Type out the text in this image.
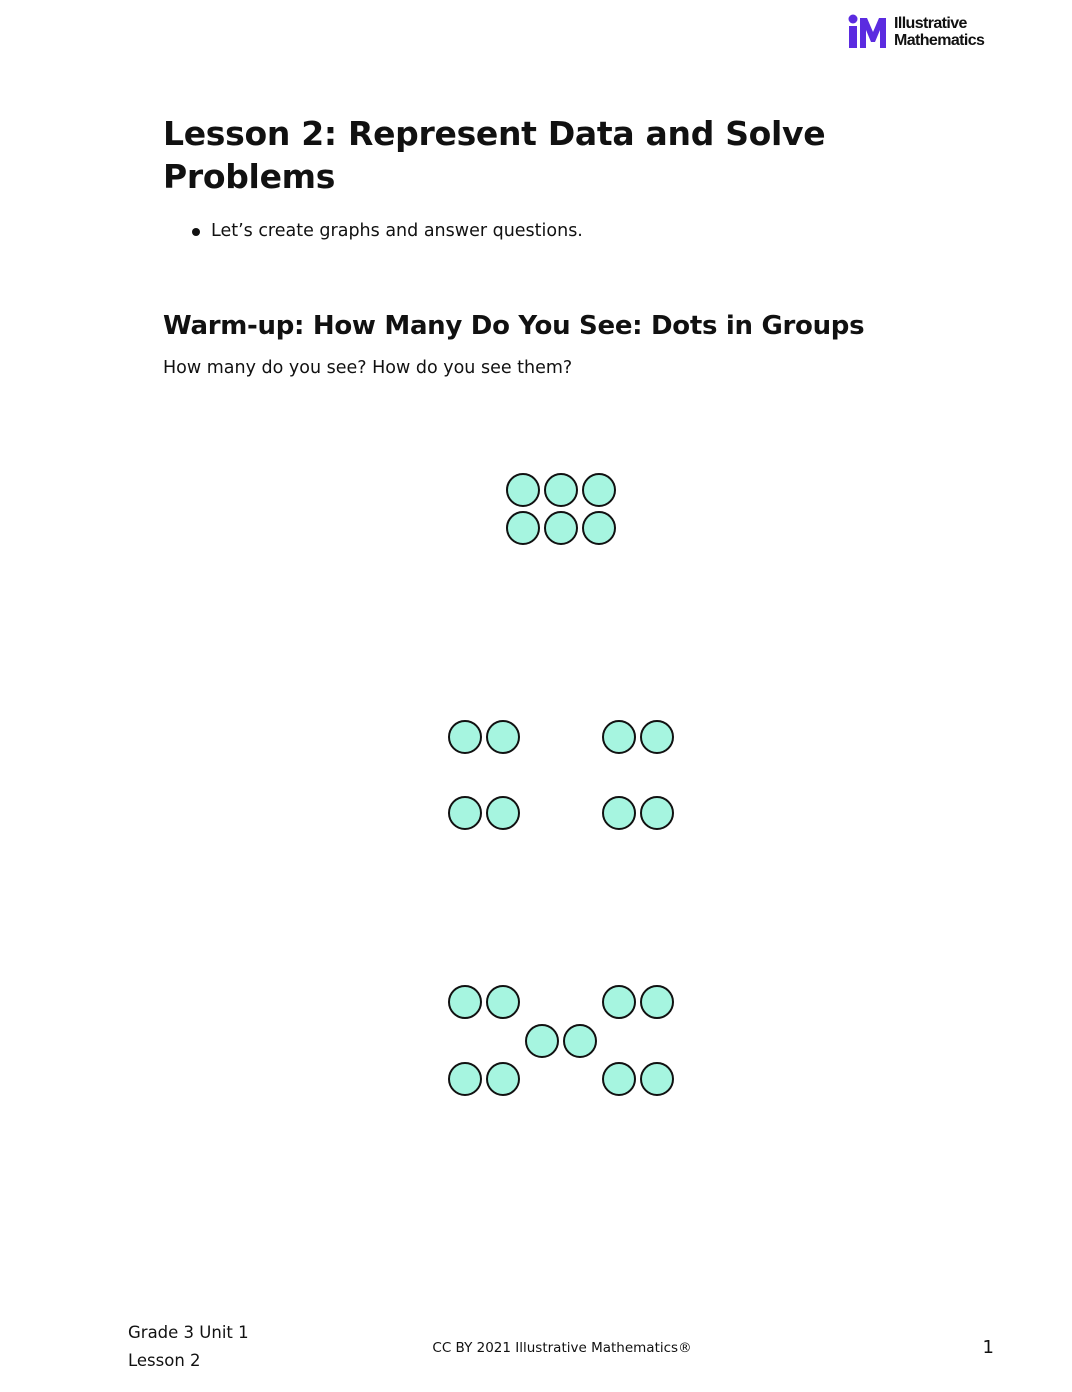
Illustrative
Mathematics
Lesson 2: Represent Data and Solve Problems
Let’s create graphs and answer questions.
Warm-up: How Many Do You See: Dots in Groups

How many do you see? How do you see them?

Grade 3 Unit 1
Lesson 2
CC BY 2021 Illustrative Mathematics®	1
